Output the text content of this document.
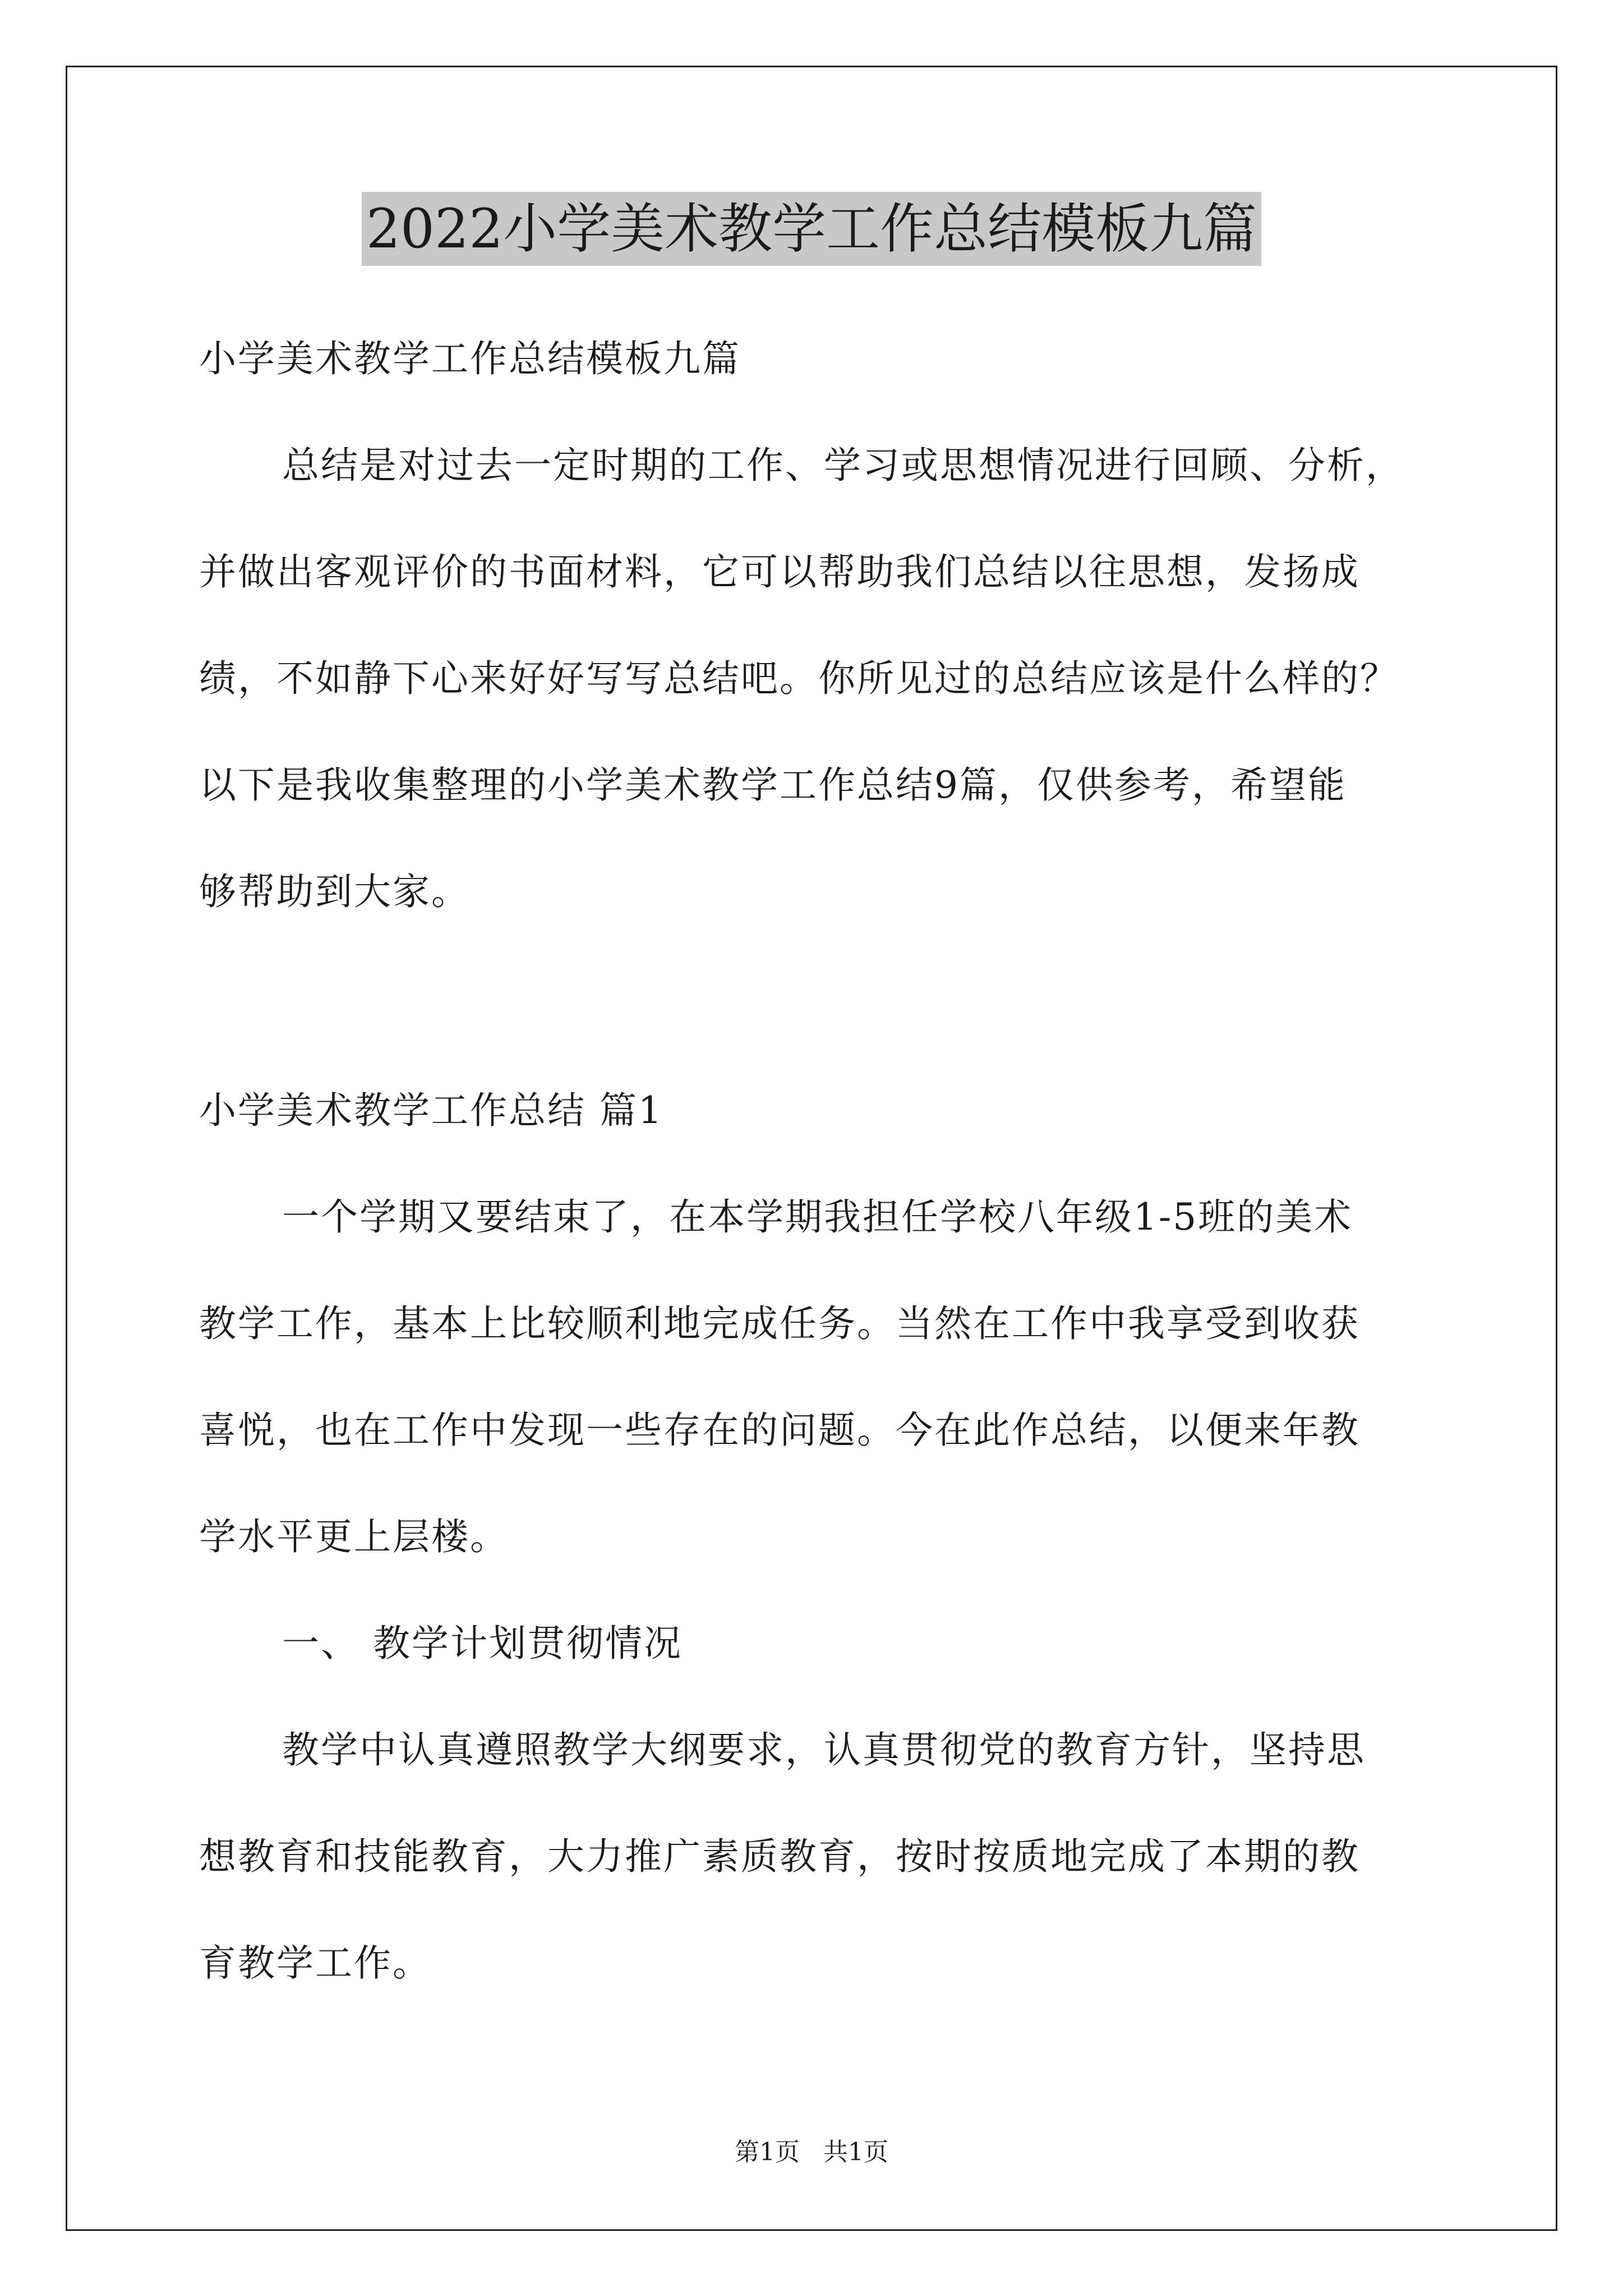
2022小学美术教学工作总结模板九篇

小学美术教学工作总结模板九篇

总结是对过去一定时期的工作、学习或思想情况进行回顾、分析，

并做出客观评价的书面材料，它可以帮助我们总结以往思想，发扬成

绩，不如静下心来好好写写总结吧。你所见过的总结应该是什么样的？

以下是我收集整理的小学美术教学工作总结9篇，仅供参考，希望能

够帮助到大家。

小学美术教学工作总结 篇1

一个学期又要结束了，在本学期我担任学校八年级1-5班的美术

教学工作，基本上比较顺利地完成任务。当然在工作中我享受到收获

喜悦，也在工作中发现一些存在的问题。今在此作总结，以便来年教

学水平更上层楼。

一、 教学计划贯彻情况

教学中认真遵照教学大纲要求，认真贯彻党的教育方针，坚持思

想教育和技能教育，大力推广素质教育，按时按质地完成了本期的教

育教学工作。

第1页   共1页
